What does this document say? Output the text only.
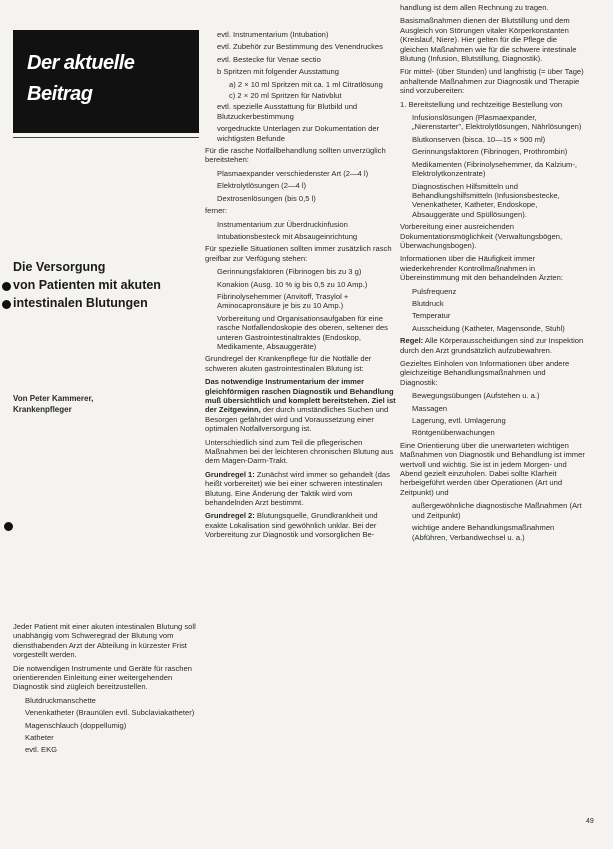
Der aktuelle
Beitrag
Die Versorgung
von Patienten mit akuten
intestinalen Blutungen
Von Peter Kammerer,
Krankenpfleger

Jeder Patient mit einer akuten intestinalen Blutung soll unabhängig vom Schweregrad der Blutung vom diensthabenden Arzt der Abteilung in kürzester Frist vorgestellt werden.

Die notwendigen Instrumente und Geräte für raschen orientierenden Einleitung einer weitergehenden Diagnostik sind zügleich bereitzustellen.

Blutdruckmanschette

Venenkatheter (Braunülen evtl. Subclaviakatheter)

Magenschlauch (doppellumig)

Katheter

evtl. EKG

evtl. Instrumentarium (Intubation)

evtl. Zubehör zur Bestimmung des Venendruckes

evtl. Bestecke für Venae sectio

b Spritzen mit folgender Ausstattung

a) 2 × 10 ml Spritzen mit ca. 1 ml Citratlösung

c) 2 × 20 ml Spritzen für Nativblut

evtl. spezielle Ausstattung für Blutbild und Blutzuckerbestimmung

vorgedruckte Unterlagen zur Dokumentation der wichtigsten Befunde

Für die rasche Notfallbehandlung sollten unverzüglich bereitstehen:

Plasmaexpander verschiedenster Art (2—4 l)

Elektrolytlösungen (2—4 l)

Dextrosenlösungen (bis 0,5 l)

ferner:

Instrumentarium zur Überdruckinfusion

Intubationsbesteck mit Absaugeinrichtung

Für spezielle Situationen sollten immer zusätzlich rasch greifbar zur Verfügung stehen:

Gerinnungsfaktoren (Fibrinogen bis zu 3 g)

Konakion (Ausg. 10 % ig bis 0,5 zu 10 Amp.)

Fibrinolysehemmer (Anvitoff, Trasylol + Aminocapronsäure je bis zu 10 Amp.)

Vorbereitung und Organisationsaufgaben für eine rasche Notfallendoskopie des oberen, seltener des unteren Gastrointestinaltraktes (Endoskop, Medikamente, Absauggeräte)

Grundregel der Krankenpflege für die Notfälle der schweren akuten gastrointestinalen Blutung ist:

Das notwendige Instrumentarium der immer gleichförmigen raschen Diagnostik und Behandlung muß übersichtlich und komplett bereitstehen. Ziel ist der Zeitgewinn, der durch umständliches Suchen und Besorgen gefährdet wird und Voraussetzung einer optimalen Notfallversorgung ist.

Unterschiedlich sind zum Teil die pflegerischen Maßnahmen bei der leichteren chronischen Blutung aus dem Magen-Darm-Trakt.

Grundregel 1: Zunächst wird immer so gehandelt (das heißt vorbereitet) wie bei einer schweren intestinalen Blutung. Eine Änderung der Taktik wird vom behandelnden Arzt bestimmt.

Grundregel 2: Blutungsquelle, Grundkrankheit und exakte Lokalisation sind gewöhnlich unklar. Bei der Vorbereitung zur Diagnostik und vorsorglichen Be-

handlung ist dem allen Rechnung zu tragen.

Basismaßnahmen dienen der Blutstillung und dem Ausgleich von Störungen vitaler Körperkonstanten (Kreislauf, Niere). Hier gelten für die Pflege die gleichen Maßnahmen wie für die schwere intestinale Blutung (Infusion, Blutstillung, Diagnostik).

Für mittel- (über Stunden) und langfristig (= über Tage) anhaltende Maßnahmen zur Diagnostik und Therapie sind vorzubereiten:

1. Bereitstellung und rechtzeitige Bestellung von

Infusionslösungen (Plasmaexpander, „Nierenstarter", Elektrolytlösungen, Nährlösungen)

Blutkonserven (bisca. 10—15 × 500 ml)

Gerinnungsfaktoren (Fibrinogen, Prothrombin)

Medikamenten (Fibrinolysehemmer, da Kalzium-, Elektrolytkonzentrate)

Diagnostischen Hilfsmitteln und Behandlungshilfsmitteln (Infusionsbestecke, Venenkatheter, Katheter, Endoskope, Absauggeräte und Spüllösungen).

Vorbereitung einer ausreichenden Dokumentationsmöglichkeit (Verwaltungsbögen, Überwachungsbogen).

Informationen über die Häufigkeit immer wiederkehrender Kontrollmaßnahmen in Übereinstimmung mit den behandelnden Ärzten:

Pulsfrequenz

Blutdruck

Temperatur

Ausscheidung (Katheter, Magensonde, Stuhl)

Regel: Alle Körperausscheidungen sind zur Inspektion durch den Arzt grundsätzlich aufzubewahren.

Gezieltes Einholen von Informationen über andere gleichzeitige Behandlungsmaßnahmen und Diagnostik:

Bewegungsübungen (Aufstehen u. a.)

Massagen

Lagerung, evtl. Umlagerung

Röntgenüberwachungen

Eine Orientierung über die unerwarteten wichtigen Maßnahmen von Diagnostik und Behandlung ist immer wertvoll und wichtig. Sie ist in jedem Morgen- und Abend gezielt einzuholen. Dabei sollte Klarheit herbeigeführt werden über Operationen (Art und Zeitpunkt) und

außergewöhnliche diagnostische Maßnahmen (Art und Zeitpunkt)

wichtige andere Behandlungsmaßnahmen (Abführen, Verbandwechsel u. a.)

49
